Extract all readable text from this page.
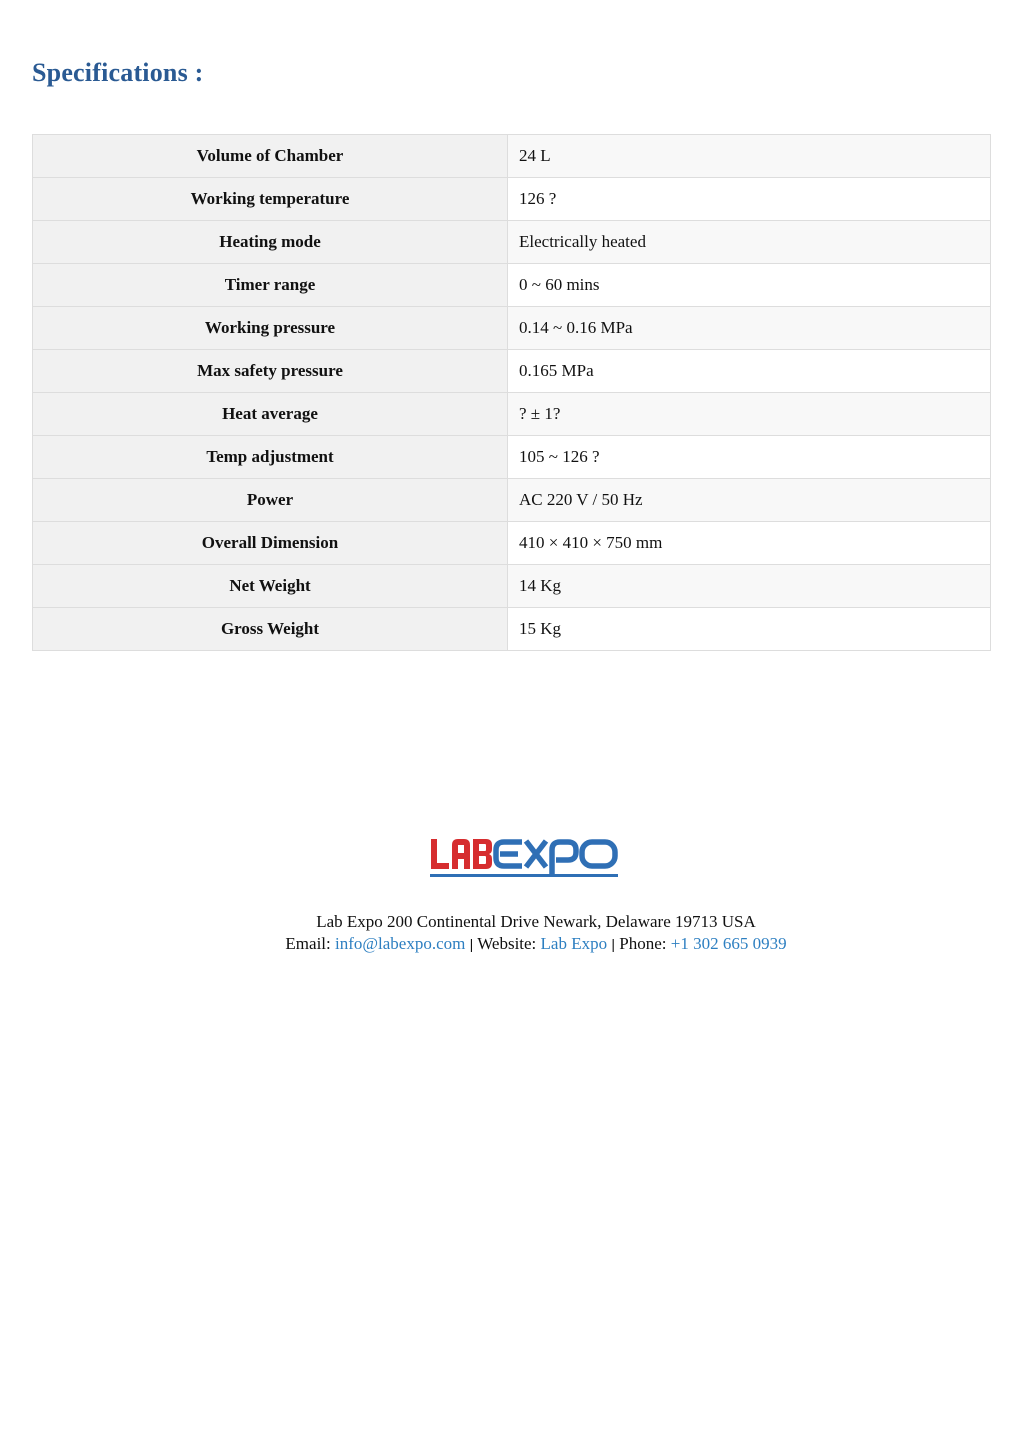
Specifications :
Volume of Chamber	24 L
Working temperature	126 ?
Heating mode	Electrically heated
Timer range	0 ~ 60 mins
Working pressure	0.14 ~ 0.16 MPa
Max safety pressure	0.165 MPa
Heat average	? ± 1?
Temp adjustment	105 ~ 126 ?
Power	AC 220 V / 50 Hz
Overall Dimension	410 × 410 × 750 mm
Net Weight	14 Kg
Gross Weight	15 Kg
Lab Expo 200 Continental Drive Newark, Delaware 19713 USA
Email: info@labexpo.com | Website: Lab Expo | Phone: +1 302 665 0939
